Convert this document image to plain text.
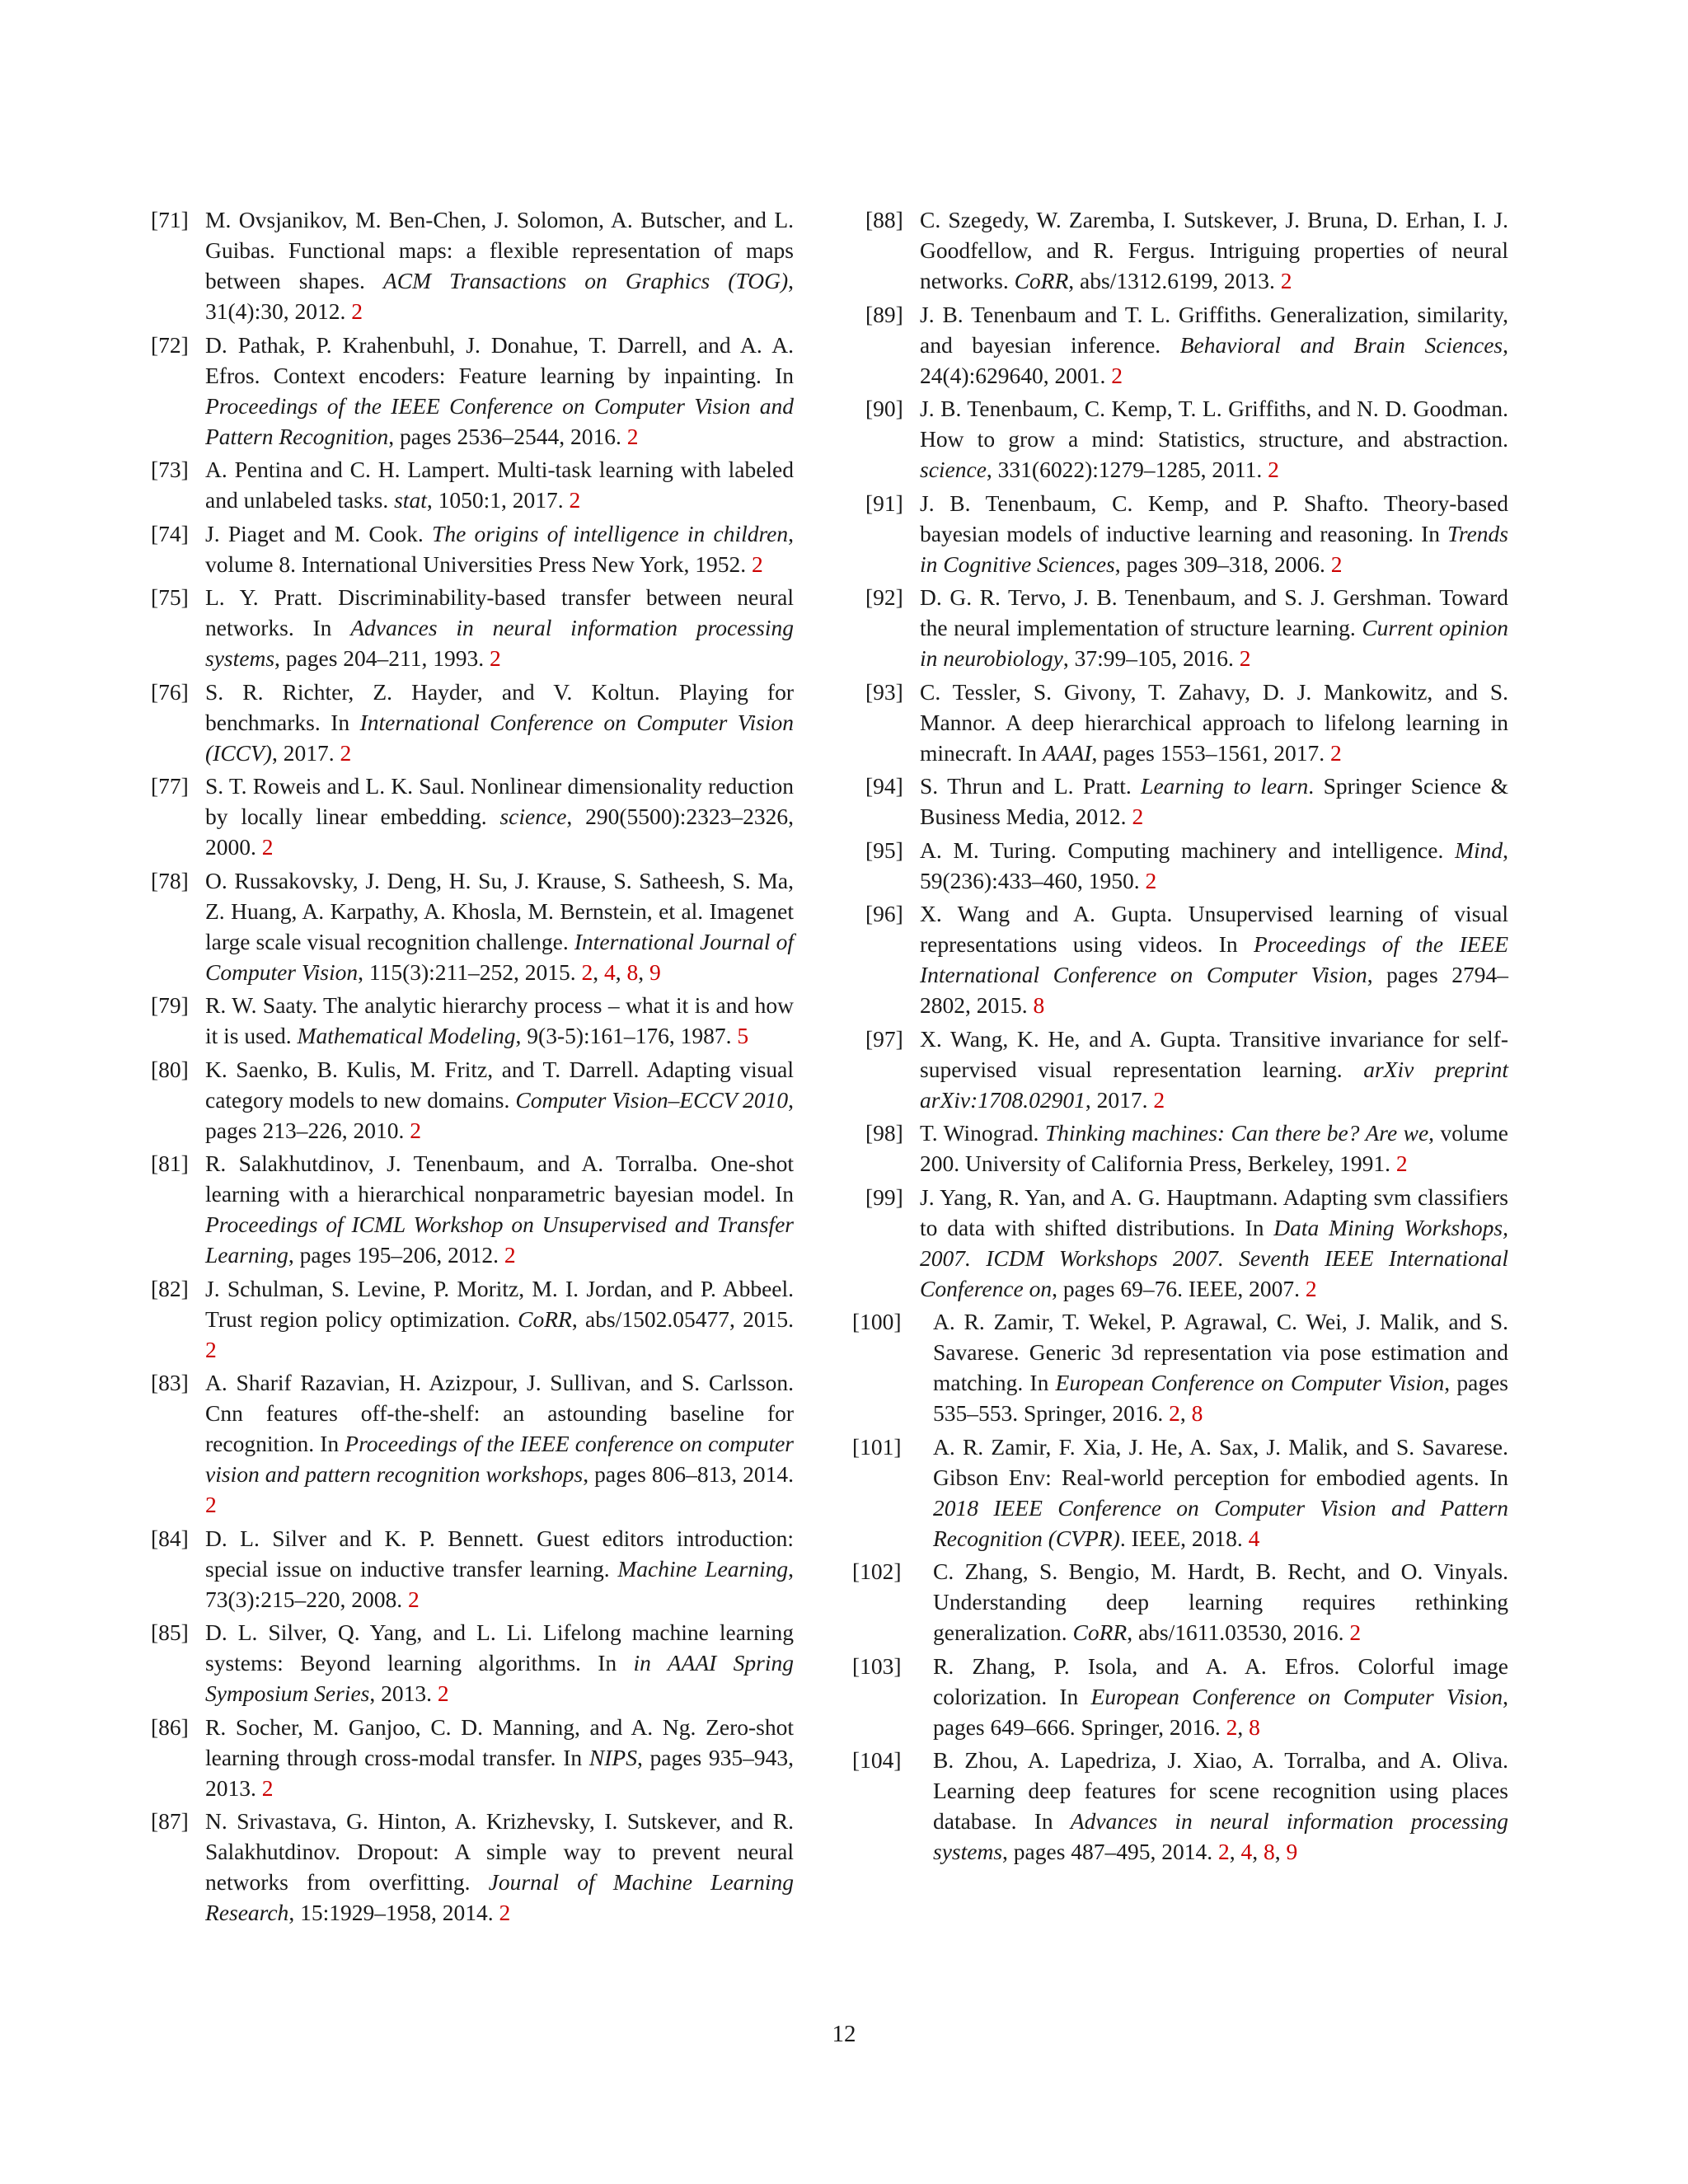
[71] M. Ovsjanikov, M. Ben-Chen, J. Solomon, A. Butscher, and L. Guibas. Functional maps: a flexible representation of maps between shapes. ACM Transactions on Graphics (TOG), 31(4):30, 2012. 2
[72] D. Pathak, P. Krahenbuhl, J. Donahue, T. Darrell, and A. A. Efros. Context encoders: Feature learning by inpainting. In Proceedings of the IEEE Conference on Computer Vision and Pattern Recognition, pages 2536–2544, 2016. 2
[73] A. Pentina and C. H. Lampert. Multi-task learning with labeled and unlabeled tasks. stat, 1050:1, 2017. 2
[74] J. Piaget and M. Cook. The origins of intelligence in children, volume 8. International Universities Press New York, 1952. 2
[75] L. Y. Pratt. Discriminability-based transfer between neural networks. In Advances in neural information processing systems, pages 204–211, 1993. 2
[76] S. R. Richter, Z. Hayder, and V. Koltun. Playing for benchmarks. In International Conference on Computer Vision (ICCV), 2017. 2
[77] S. T. Roweis and L. K. Saul. Nonlinear dimensionality reduction by locally linear embedding. science, 290(5500):2323–2326, 2000. 2
[78] O. Russakovsky, J. Deng, H. Su, J. Krause, S. Satheesh, S. Ma, Z. Huang, A. Karpathy, A. Khosla, M. Bernstein, et al. Imagenet large scale visual recognition challenge. International Journal of Computer Vision, 115(3):211–252, 2015. 2, 4, 8, 9
[79] R. W. Saaty. The analytic hierarchy process – what it is and how it is used. Mathematical Modeling, 9(3-5):161–176, 1987. 5
[80] K. Saenko, B. Kulis, M. Fritz, and T. Darrell. Adapting visual category models to new domains. Computer Vision–ECCV 2010, pages 213–226, 2010. 2
[81] R. Salakhutdinov, J. Tenenbaum, and A. Torralba. One-shot learning with a hierarchical nonparametric bayesian model. In Proceedings of ICML Workshop on Unsupervised and Transfer Learning, pages 195–206, 2012. 2
[82] J. Schulman, S. Levine, P. Moritz, M. I. Jordan, and P. Abbeel. Trust region policy optimization. CoRR, abs/1502.05477, 2015. 2
[83] A. Sharif Razavian, H. Azizpour, J. Sullivan, and S. Carlsson. Cnn features off-the-shelf: an astounding baseline for recognition. In Proceedings of the IEEE conference on computer vision and pattern recognition workshops, pages 806–813, 2014. 2
[84] D. L. Silver and K. P. Bennett. Guest editors introduction: special issue on inductive transfer learning. Machine Learning, 73(3):215–220, 2008. 2
[85] D. L. Silver, Q. Yang, and L. Li. Lifelong machine learning systems: Beyond learning algorithms. In in AAAI Spring Symposium Series, 2013. 2
[86] R. Socher, M. Ganjoo, C. D. Manning, and A. Ng. Zero-shot learning through cross-modal transfer. In NIPS, pages 935–943, 2013. 2
[87] N. Srivastava, G. Hinton, A. Krizhevsky, I. Sutskever, and R. Salakhutdinov. Dropout: A simple way to prevent neural networks from overfitting. Journal of Machine Learning Research, 15:1929–1958, 2014. 2
[88] C. Szegedy, W. Zaremba, I. Sutskever, J. Bruna, D. Erhan, I. J. Goodfellow, and R. Fergus. Intriguing properties of neural networks. CoRR, abs/1312.6199, 2013. 2
[89] J. B. Tenenbaum and T. L. Griffiths. Generalization, similarity, and bayesian inference. Behavioral and Brain Sciences, 24(4):629640, 2001. 2
[90] J. B. Tenenbaum, C. Kemp, T. L. Griffiths, and N. D. Goodman. How to grow a mind: Statistics, structure, and abstraction. science, 331(6022):1279–1285, 2011. 2
[91] J. B. Tenenbaum, C. Kemp, and P. Shafto. Theory-based bayesian models of inductive learning and reasoning. In Trends in Cognitive Sciences, pages 309–318, 2006. 2
[92] D. G. R. Tervo, J. B. Tenenbaum, and S. J. Gershman. Toward the neural implementation of structure learning. Current opinion in neurobiology, 37:99–105, 2016. 2
[93] C. Tessler, S. Givony, T. Zahavy, D. J. Mankowitz, and S. Mannor. A deep hierarchical approach to lifelong learning in minecraft. In AAAI, pages 1553–1561, 2017. 2
[94] S. Thrun and L. Pratt. Learning to learn. Springer Science & Business Media, 2012. 2
[95] A. M. Turing. Computing machinery and intelligence. Mind, 59(236):433–460, 1950. 2
[96] X. Wang and A. Gupta. Unsupervised learning of visual representations using videos. In Proceedings of the IEEE International Conference on Computer Vision, pages 2794–2802, 2015. 8
[97] X. Wang, K. He, and A. Gupta. Transitive invariance for self-supervised visual representation learning. arXiv preprint arXiv:1708.02901, 2017. 2
[98] T. Winograd. Thinking machines: Can there be? Are we, volume 200. University of California Press, Berkeley, 1991. 2
[99] J. Yang, R. Yan, and A. G. Hauptmann. Adapting svm classifiers to data with shifted distributions. In Data Mining Workshops, 2007. ICDM Workshops 2007. Seventh IEEE International Conference on, pages 69–76. IEEE, 2007. 2
[100] A. R. Zamir, T. Wekel, P. Agrawal, C. Wei, J. Malik, and S. Savarese. Generic 3d representation via pose estimation and matching. In European Conference on Computer Vision, pages 535–553. Springer, 2016. 2, 8
[101] A. R. Zamir, F. Xia, J. He, A. Sax, J. Malik, and S. Savarese. Gibson Env: Real-world perception for embodied agents. In 2018 IEEE Conference on Computer Vision and Pattern Recognition (CVPR). IEEE, 2018. 4
[102] C. Zhang, S. Bengio, M. Hardt, B. Recht, and O. Vinyals. Understanding deep learning requires rethinking generalization. CoRR, abs/1611.03530, 2016. 2
[103] R. Zhang, P. Isola, and A. A. Efros. Colorful image colorization. In European Conference on Computer Vision, pages 649–666. Springer, 2016. 2, 8
[104] B. Zhou, A. Lapedriza, J. Xiao, A. Torralba, and A. Oliva. Learning deep features for scene recognition using places database. In Advances in neural information processing systems, pages 487–495, 2014. 2, 4, 8, 9
12
